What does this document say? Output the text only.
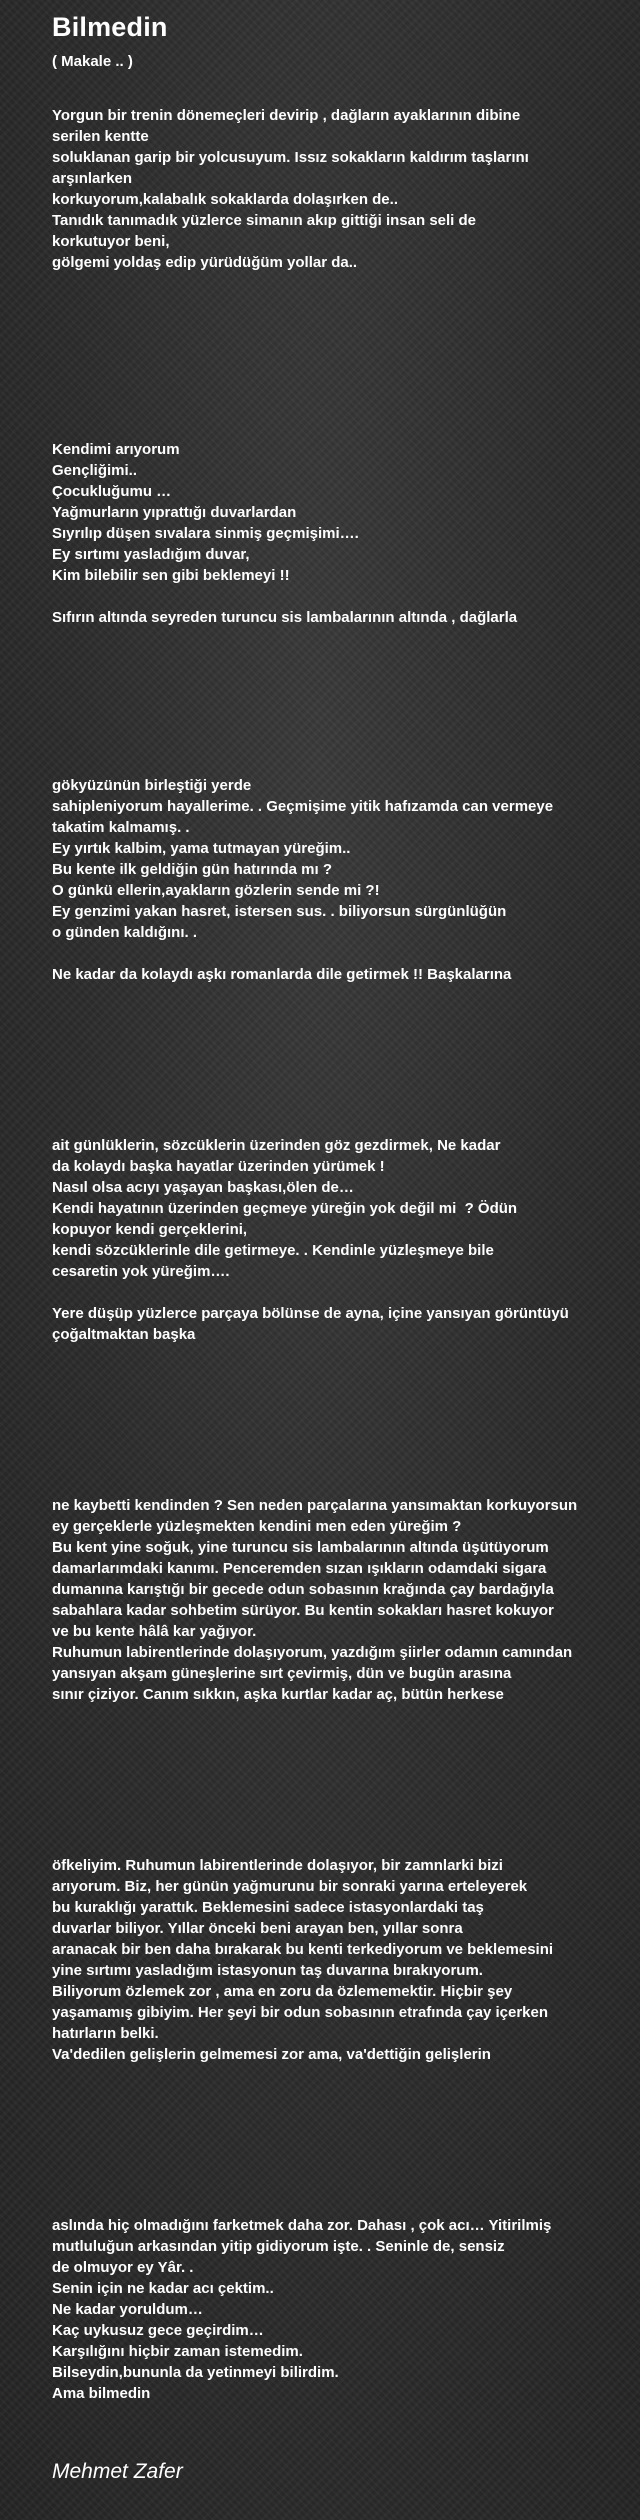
Bilmedin
( Makale .. )
Yorgun bir trenin dönemeçleri devirip , dağların ayaklarının dibine
serilen kentte
soluklanan garip bir yolcusuyum. Issız sokakların kaldırım taşlarını
arşınlarken
korkuyorum,kalabalık sokaklarda dolaşırken de..
Tanıdık tanımadık yüzlerce simanın akıp gittiği insan seli de
korkutuyor beni,
gölgemi yoldaş edip yürüdüğüm yollar da..
Kendimi arıyorum
Gençliğimi..
Çocukluğumu …
Yağmurların yıprattığı duvarlardan
Sıyrılıp düşen sıvalara sinmiş geçmişimi….
Ey sırtımı yasladığım duvar,
Kim bilebilir sen gibi beklemeyi !!

Sıfırın altında seyreden turuncu sis lambalarının altında , dağlarla
gökyüzünün birleştiği yerde
sahipleniyorum hayallerime. . Geçmişime yitik hafızamda can vermeye
takatim kalmamış. .
Ey yırtık kalbim, yama tutmayan yüreğim..
Bu kente ilk geldiğin gün hatırında mı ?
O günkü ellerin,ayakların gözlerin sende mi ?!
Ey genzimi yakan hasret, istersen sus. . biliyorsun sürgünlüğün
o günden kaldığını. .

Ne kadar da kolaydı aşkı romanlarda dile getirmek !! Başkalarına
ait günlüklerin, sözcüklerin üzerinden göz gezdirmek, Ne kadar
da kolaydı başka hayatlar üzerinden yürümek !
Nasıl olsa acıyı yaşayan başkası,ölen de…
Kendi hayatının üzerinden geçmeye yüreğin yok değil mi  ? Ödün
kopuyor kendi gerçeklerini,
kendi sözcüklerinle dile getirmeye. . Kendinle yüzleşmeye bile
cesaretin yok yüreğim….

Yere düşüp yüzlerce parçaya bölünse de ayna, içine yansıyan görüntüyü
çoğaltmaktan başka
ne kaybetti kendinden ? Sen neden parçalarına yansımaktan korkuyorsun
ey gerçeklerle yüzleşmekten kendini men eden yüreğim ?
Bu kent yine soğuk, yine turuncu sis lambalarının altında üşütüyorum
damarlarımdaki kanımı. Penceremden sızan ışıkların odamdaki sigara
dumanına karıştığı bir gecede odun sobasının krağında çay bardağıyla
sabahlara kadar sohbetim sürüyor. Bu kentin sokakları hasret kokuyor
ve bu kente hâlâ kar yağıyor.
Ruhumun labirentlerinde dolaşıyorum, yazdığım şiirler odamın camından
yansıyan akşam güneşlerine sırt çevirmiş, dün ve bugün arasına
sınır çiziyor. Canım sıkkın, aşka kurtlar kadar aç, bütün herkese
öfkeliyim. Ruhumun labirentlerinde dolaşıyor, bir zamnlarki bizi
arıyorum. Biz, her günün yağmurunu bir sonraki yarına erteleyerek
bu kuraklığı yarattık. Beklemesini sadece istasyonlardaki taş
duvarlar biliyor. Yıllar önceki beni arayan ben, yıllar sonra
aranacak bir ben daha bırakarak bu kenti terkediyorum ve beklemesini
yine sırtımı yasladığım istasyonun taş duvarına bırakıyorum.
Biliyorum özlemek zor , ama en zoru da özlememektir. Hiçbir şey
yaşamamış gibiyim. Her şeyi bir odun sobasının etrafında çay içerken
hatırların belki.
Va'dedilen gelişlerin gelmemesi zor ama, va'dettiğin gelişlerin
aslında hiç olmadığını farketmek daha zor. Dahası , çok acı… Yitirilmiş
mutluluğun arkasından yitip gidiyorum işte. . Seninle de, sensiz
de olmuyor ey Yâr. .
Senin için ne kadar acı çektim..
Ne kadar yoruldum…
Kaç uykusuz gece geçirdim…
Karşılığını hiçbir zaman istemedim.
Bilseydin,bununla da yetinmeyi bilirdim.
Ama bilmedin
Mehmet Zafer
